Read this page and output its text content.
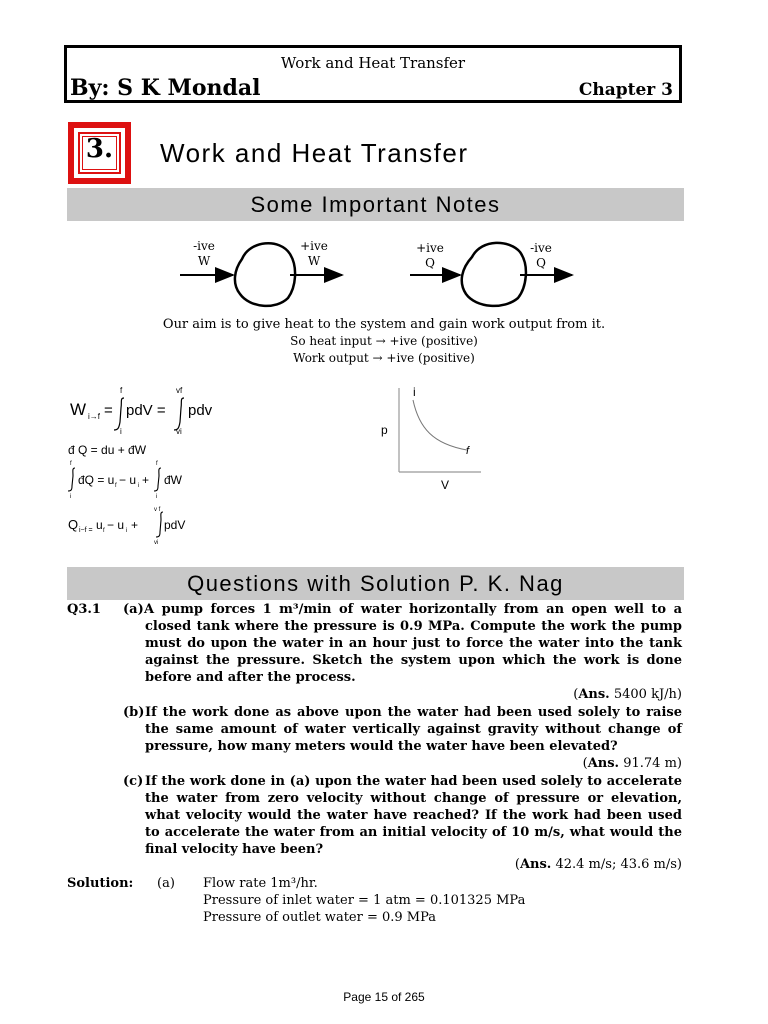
Work and Heat Transfer
By: S K Mondal	Chapter 3
3.	Work and Heat Transfer
Some Important Notes
-ive
W
+ive
W
+ive
Q
-ive
Q
Our aim is to give heat to the system and gain work output from it.
So heat input → +ive (positive)
Work output → +ive (positive)
W i→f =
f
i
pdV =
vf
vi
pdv
đ Q = du + đW
f
i
đQ = u f − u i +
f
i
đW
Q i−f = u f − u i +
v f
vi
pdV
i
f
p
V
Questions with Solution P. K. Nag
Q3.1 (a) A pump forces 1 m³/min of water horizontally from an open well to a closed tank where the pressure is 0.9 MPa. Compute the work the pump must do upon the water in an hour just to force the water into the tank against the pressure. Sketch the system upon which the work is done before and after the process.
(Ans. 5400 kJ/h)
(b) If the work done as above upon the water had been used solely to raise the same amount of water vertically against gravity without change of pressure, how many meters would the water have been elevated?
(Ans. 91.74 m)
(c) If the work done in (a) upon the water had been used solely to accelerate the water from zero velocity without change of pressure or elevation, what velocity would the water have reached? If the work had been used to accelerate the water from an initial velocity of 10 m/s, what would the final velocity have been?
(Ans. 42.4 m/s; 43.6 m/s)
Solution: (a) Flow rate 1m³/hr.
Pressure of inlet water = 1 atm = 0.101325 MPa
Pressure of outlet water = 0.9 MPa
Page 15 of 265
